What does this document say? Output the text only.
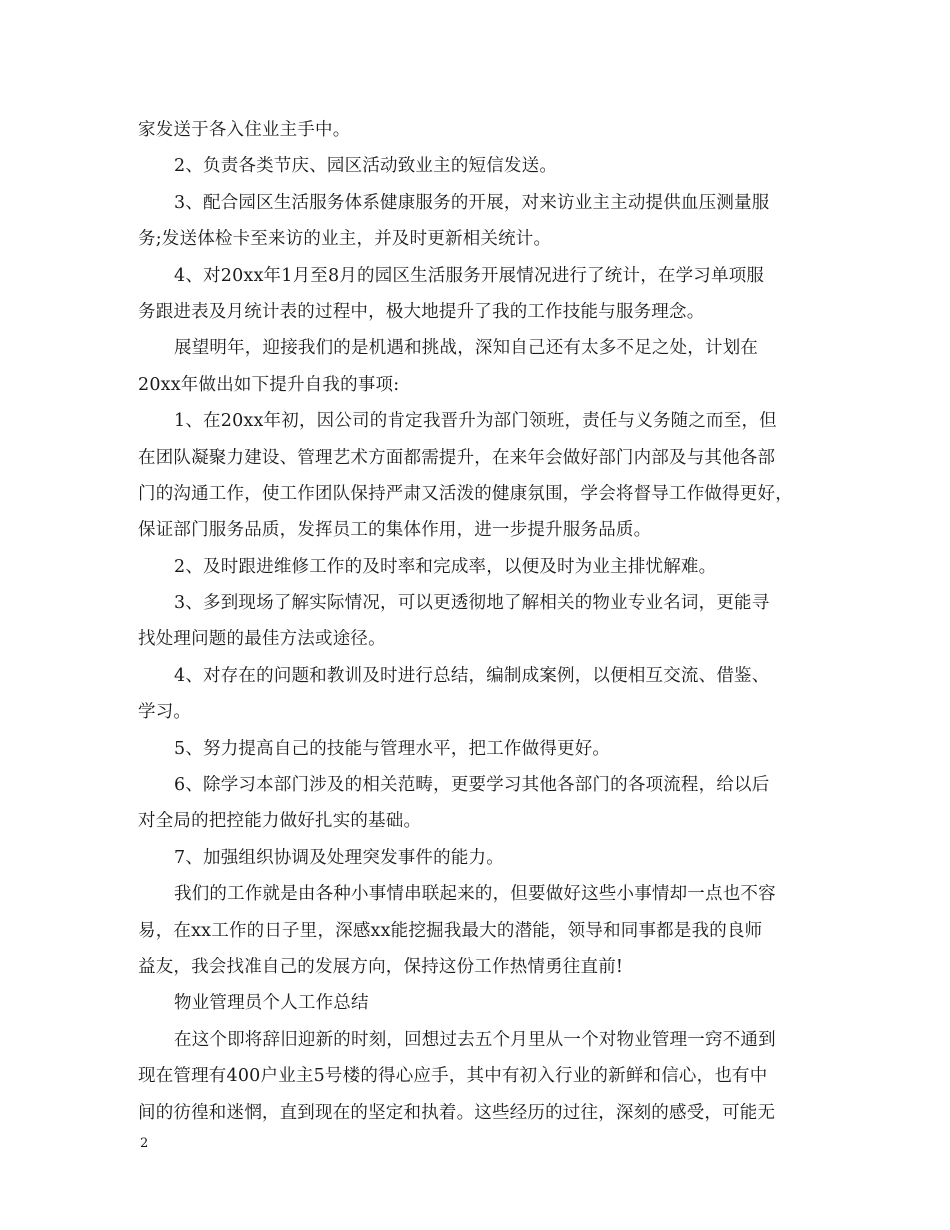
家发送于各入住业主手中。
2、负责各类节庆、园区活动致业主的短信发送。
3、配合园区生活服务体系健康服务的开展，对来访业主主动提供血压测量服
务;发送体检卡至来访的业主，并及时更新相关统计。
4、对20xx年1月至8月的园区生活服务开展情况进行了统计，在学习单项服
务跟进表及月统计表的过程中，极大地提升了我的工作技能与服务理念。
展望明年，迎接我们的是机遇和挑战，深知自己还有太多不足之处，计划在
20xx年做出如下提升自我的事项:
1、在20xx年初，因公司的肯定我晋升为部门领班，责任与义务随之而至，但
在团队凝聚力建设、管理艺术方面都需提升，在来年会做好部门内部及与其他各部
门的沟通工作，使工作团队保持严肃又活泼的健康氛围，学会将督导工作做得更好，
保证部门服务品质，发挥员工的集体作用，进一步提升服务品质。
2、及时跟进维修工作的及时率和完成率，以便及时为业主排忧解难。
3、多到现场了解实际情况，可以更透彻地了解相关的物业专业名词，更能寻
找处理问题的最佳方法或途径。
4、对存在的问题和教训及时进行总结，编制成案例，以便相互交流、借鉴、
学习。
5、努力提高自己的技能与管理水平，把工作做得更好。
6、除学习本部门涉及的相关范畴，更要学习其他各部门的各项流程，给以后
对全局的把控能力做好扎实的基础。
7、加强组织协调及处理突发事件的能力。
我们的工作就是由各种小事情串联起来的，但要做好这些小事情却一点也不容
易，在xx工作的日子里，深感xx能挖掘我最大的潜能，领导和同事都是我的良师
益友，我会找准自己的发展方向，保持这份工作热情勇往直前!
物业管理员个人工作总结
在这个即将辞旧迎新的时刻，回想过去五个月里从一个对物业管理一窍不通到
现在管理有400户业主5号楼的得心应手，其中有初入行业的新鲜和信心，也有中
间的彷徨和迷惘，直到现在的坚定和执着。这些经历的过往，深刻的感受，可能无
2
